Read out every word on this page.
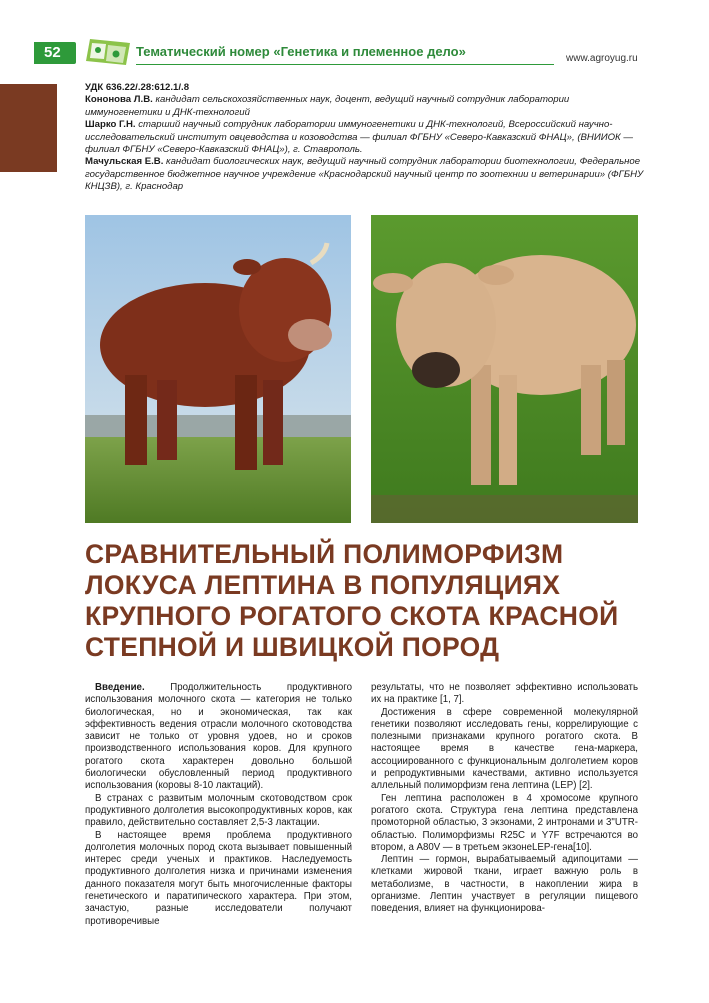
52	Тематический номер «Генетика и племенное дело»	www.agroyug.ru
УДК 636.22/.28:612.1/.8
Кононова Л.В. кандидат сельскохозяйственных наук, доцент, ведущий научный сотрудник лаборатории иммуногенетики и ДНК-технологий
Шарко Г.Н. старший научный сотрудник лаборатории иммуногенетики и ДНК-технологий, Всероссийский научно-исследовательский институт овцеводства и козоводства — филиал ФГБНУ «Северо-Кавказский ФНАЦ», (ВНИИОК — филиал ФГБНУ «Северо-Кавказский ФНАЦ»), г. Ставрополь.
Мачульская Е.В. кандидат биологических наук, ведущий научный сотрудник лаборатории биотехнологии, Федеральное государственное бюджетное научное учреждение «Краснодарский научный центр по зоотехнии и ветеринарии» (ФГБНУ КНЦЗВ), г. Краснодар
СРАВНИТЕЛЬНЫЙ ПОЛИМОРФИЗМ
ЛОКУСА ЛЕПТИНА В ПОПУЛЯЦИЯХ
КРУПНОГО РОГАТОГО СКОТА КРАСНОЙ
СТЕПНОЙ И ШВИЦКОЙ ПОРОД

Введение. Продолжительность продуктивного использования молочного скота — категория не только биологическая, но и экономическая, так как эффективность ведения отрасли молочного скотоводства зависит не только от уровня удоев, но и сроков производственного использования коров. Для крупного рогатого скота характерен довольно большой биологически обусловленный период продуктивного использования (коровы 8-10 лактаций).

В странах с развитым молочным скотоводством срок продуктивного долголетия высокопродуктивных коров, как правило, действительно составляет 2,5-3 лактации.

В настоящее время проблема продуктивного долголетия молочных пород скота вызывает повышенный интерес среди ученых и практиков. Наследуемость продуктивного долголетия низка и причинами изменения данного показателя могут быть многочисленные факторы генетического и паратипического характера. При этом, зачастую, разные исследователи получают противоречивые

результаты, что не позволяет эффективно использовать их на практике [1, 7].

Достижения в сфере современной молекулярной генетики позволяют исследовать гены, коррелирующие с полезными признаками крупного рогатого скота. В настоящее время в качестве гена-маркера, ассоциированного с функциональным долголетием коров и репродуктивными качествами, активно используется аллельный полиморфизм гена лептина (LEP) [2].

Ген лептина расположен в 4 хромосоме крупного рогатого скота. Структура гена лептина представлена промоторной областью, 3 экзонами, 2 интронами и 3"UTR-областью. Полиморфизмы R25C и Y7F встречаются во втором, а A80V — в третьем экзонеLEP-гена[10].

Лептин — гормон, вырабатываемый адипоцитами — клетками жировой ткани, играет важную роль в метаболизме, в частности, в накоплении жира в организме. Лептин участвует в регуляции пищевого поведения, влияет на функционирова-
